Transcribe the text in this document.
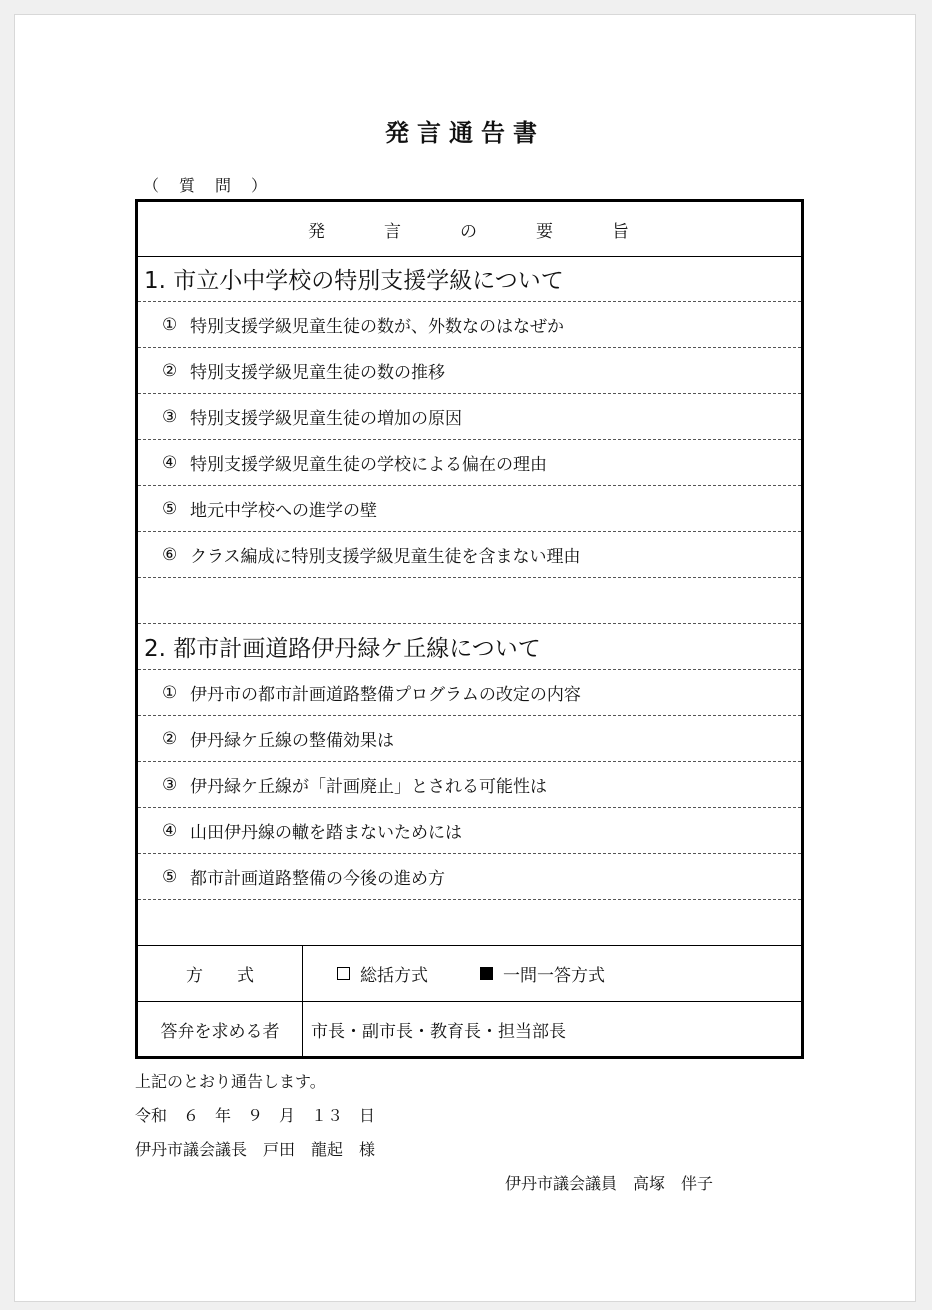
発言通告書
（　質　問　）
発　　　言　　　の　　　要　　　旨
1. 市立小中学校の特別支援学級について
① 特別支援学級児童生徒の数が、外数なのはなぜか
② 特別支援学級児童生徒の数の推移
③ 特別支援学級児童生徒の増加の原因
④ 特別支援学級児童生徒の学校による偏在の理由
⑤ 地元中学校への進学の壁
⑥ クラス編成に特別支援学級児童生徒を含まない理由
2. 都市計画道路伊丹緑ケ丘線について
① 伊丹市の都市計画道路整備プログラムの改定の内容
② 伊丹緑ケ丘線の整備効果は
③ 伊丹緑ケ丘線が「計画廃止」とされる可能性は
④ 山田伊丹線の轍を踏まないためには
⑤ 都市計画道路整備の今後の進め方
方　　式	総括方式	一問一答方式
答弁を求める者	市長・副市長・教育長・担当部長
上記のとおり通告します。
令和　６　年　９　月　１３　日
伊丹市議会議長　戸田　龍起　様
伊丹市議会議員　高塚　伴子
